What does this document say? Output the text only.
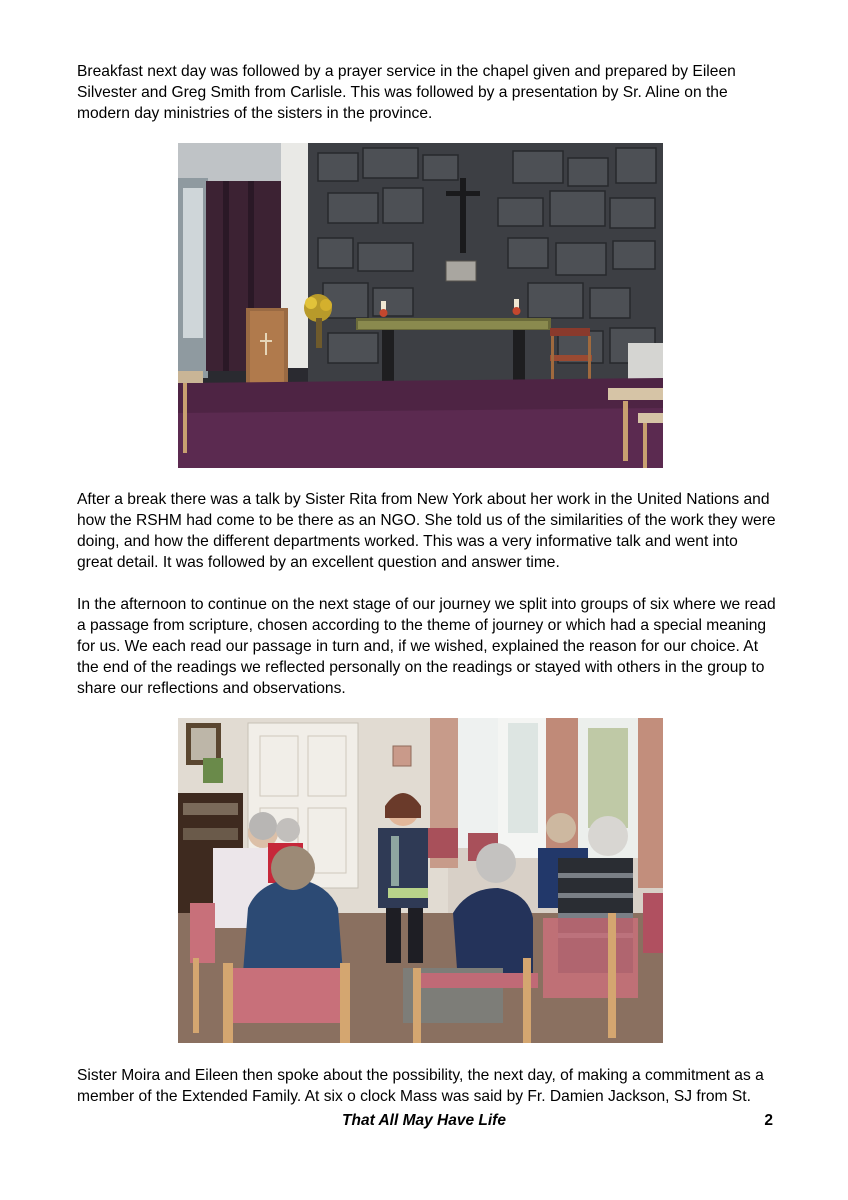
Breakfast next day was followed by a prayer service in the chapel given and prepared by Eileen Silvester and Greg Smith from Carlisle. This was followed by a presentation by Sr. Aline on the modern day ministries of the sisters in the province.

After a break there was a talk by Sister Rita from New York about her work in the United Nations and how the RSHM had come to be there as an NGO. She told us of the similarities of the work they were doing, and how the different departments worked. This was a very informative talk and went into great detail. It was followed by an excellent question and answer time.

In the afternoon to continue on the next stage of our journey we split into groups of six where we read a passage from scripture, chosen according to the theme of journey or which had a special meaning for us. We each read our passage in turn and, if we wished, explained the reason for our choice. At the end of the readings we reflected personally on the readings or stayed with others in the group to share our reflections and observations.

Sister Moira and Eileen then spoke about the possibility, the next day, of making a commitment as a member of the Extended Family. At six o clock Mass was said by Fr. Damien Jackson, SJ from St.

That All May Have Life	2
